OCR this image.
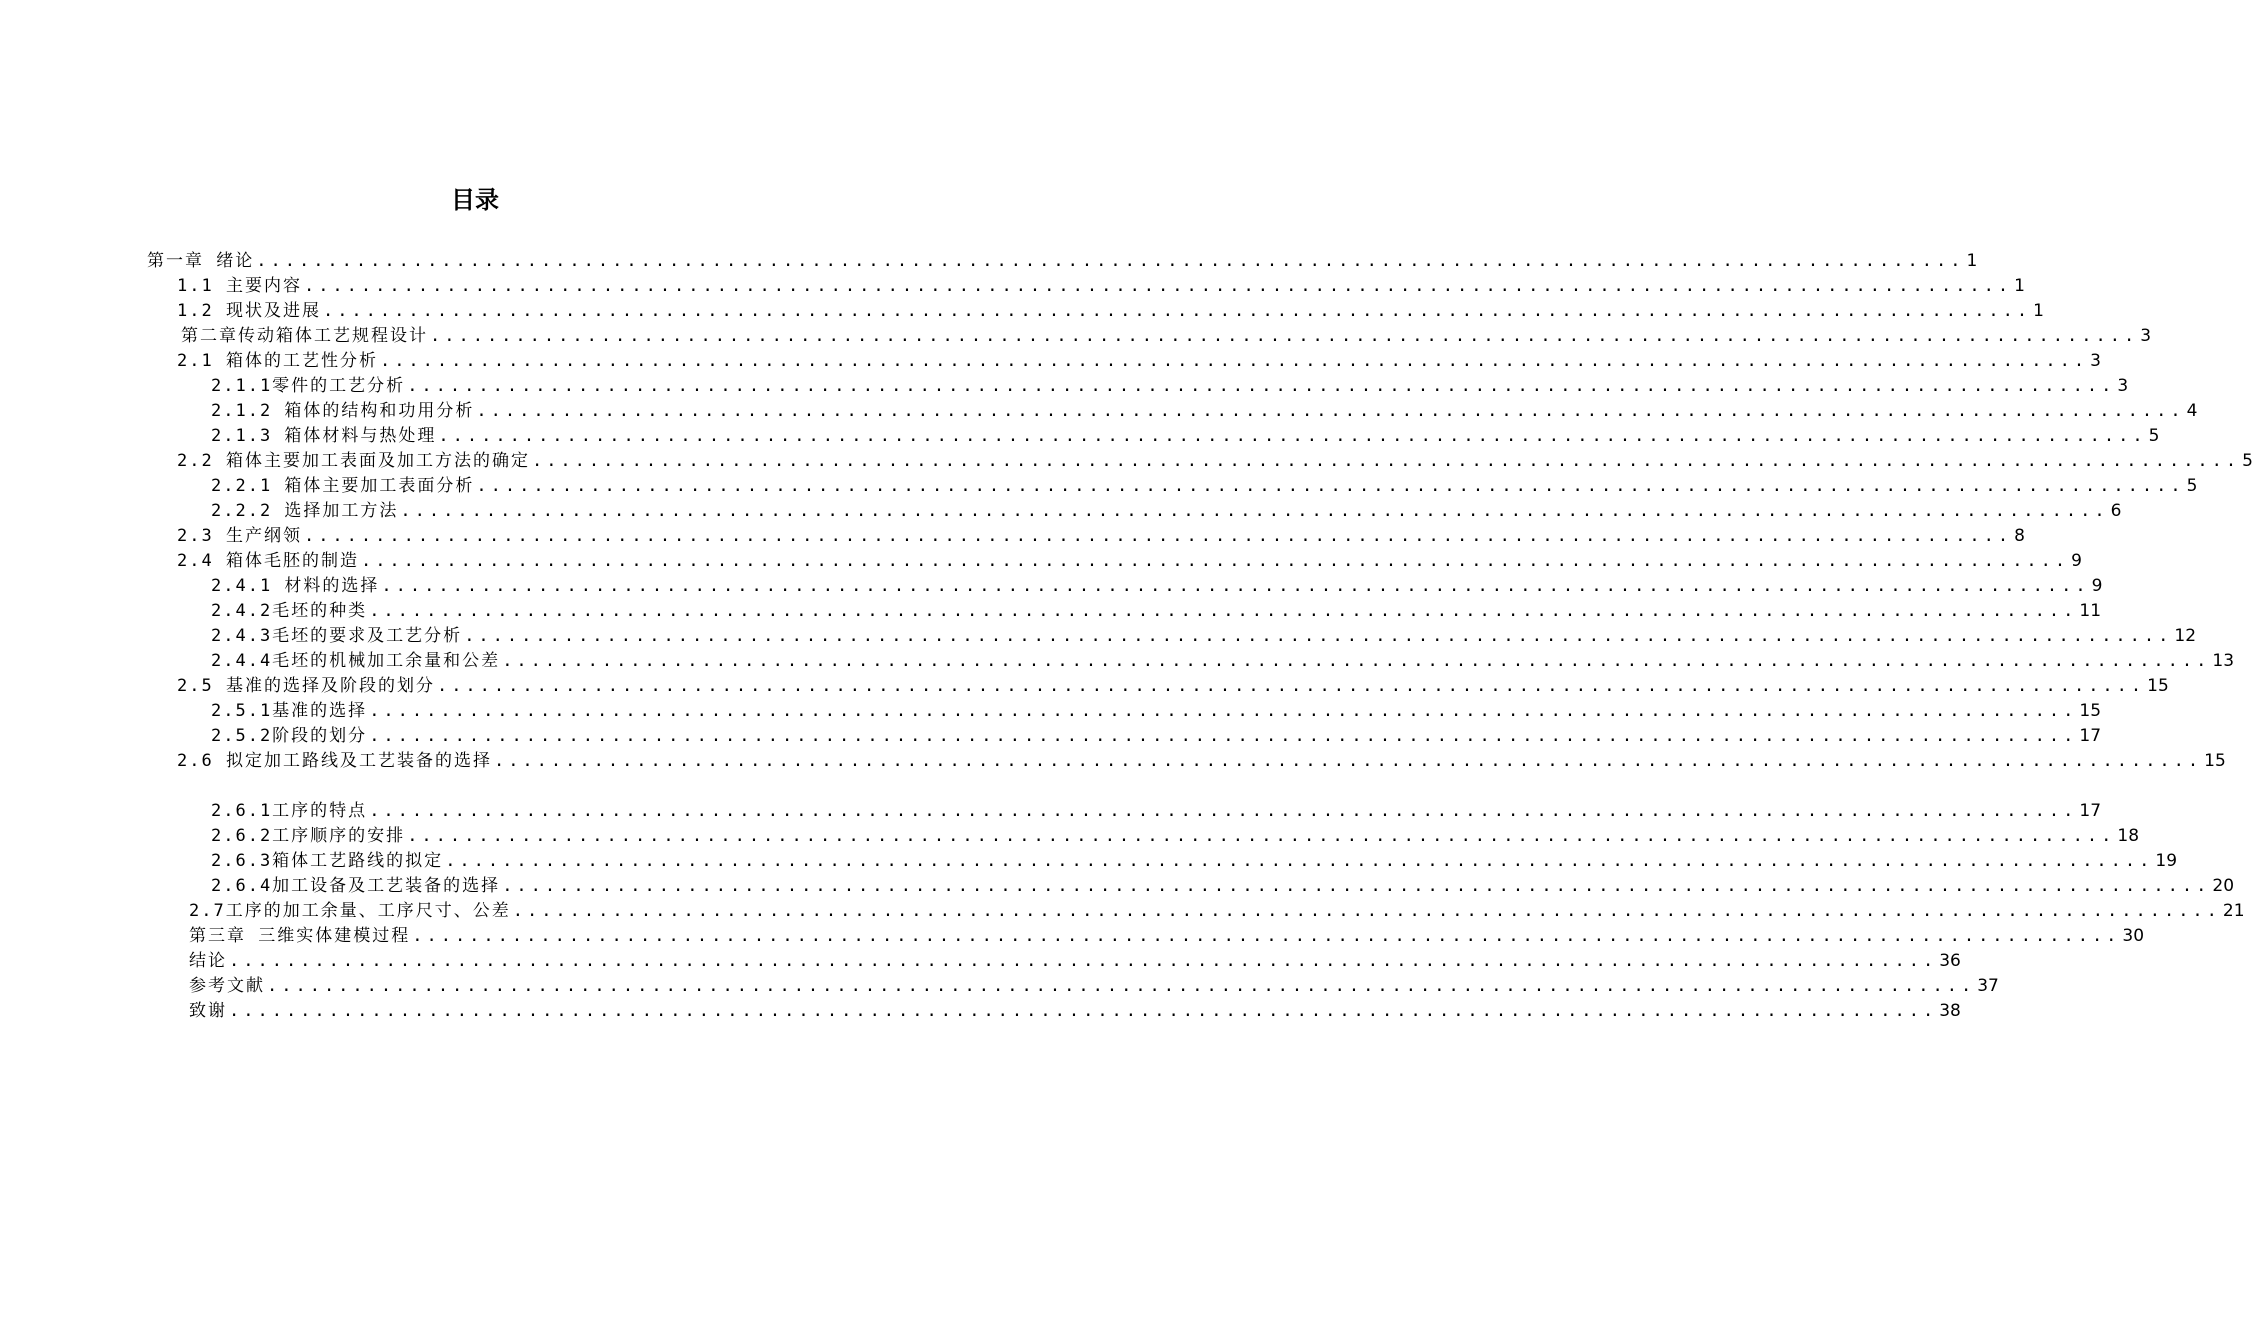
目录
第一章 绪论 ........................................................................................................................ 1
1.1 主要内容 ........................................................................................................................ 1
1.2 现状及进展 ........................................................................................................................ 1
第二章传动箱体工艺规程设计 ........................................................................................................................ 3
2.1 箱体的工艺性分析 ........................................................................................................................ 3
2.1.1零件的工艺分析 ........................................................................................................................ 3
2.1.2 箱体的结构和功用分析 ........................................................................................................................ 4
2.1.3 箱体材料与热处理 ........................................................................................................................ 5
2.2 箱体主要加工表面及加工方法的确定 ........................................................................................................................ 5
2.2.1 箱体主要加工表面分析 ........................................................................................................................ 5
2.2.2 选择加工方法 ........................................................................................................................ 6
2.3 生产纲领 ........................................................................................................................ 8
2.4 箱体毛胚的制造 ........................................................................................................................ 9
2.4.1 材料的选择 ........................................................................................................................ 9
2.4.2毛坯的种类 ........................................................................................................................ 11
2.4.3毛坯的要求及工艺分析 ........................................................................................................................ 12
2.4.4毛坯的机械加工余量和公差 ........................................................................................................................ 13
2.5 基准的选择及阶段的划分 ........................................................................................................................ 15
2.5.1基准的选择 ........................................................................................................................ 15
2.5.2阶段的划分 ........................................................................................................................ 17
2.6 拟定加工路线及工艺装备的选择 ........................................................................................................................ 15
2.6.1工序的特点 ........................................................................................................................ 17
2.6.2工序顺序的安排 ........................................................................................................................ 18
2.6.3箱体工艺路线的拟定 ........................................................................................................................ 19
2.6.4加工设备及工艺装备的选择 ........................................................................................................................ 20
2.7工序的加工余量、工序尺寸、公差 ........................................................................................................................ 21
第三章 三维实体建模过程 ........................................................................................................................ 30
结论 ........................................................................................................................ 36
参考文献 ........................................................................................................................ 37
致谢 ........................................................................................................................ 38
